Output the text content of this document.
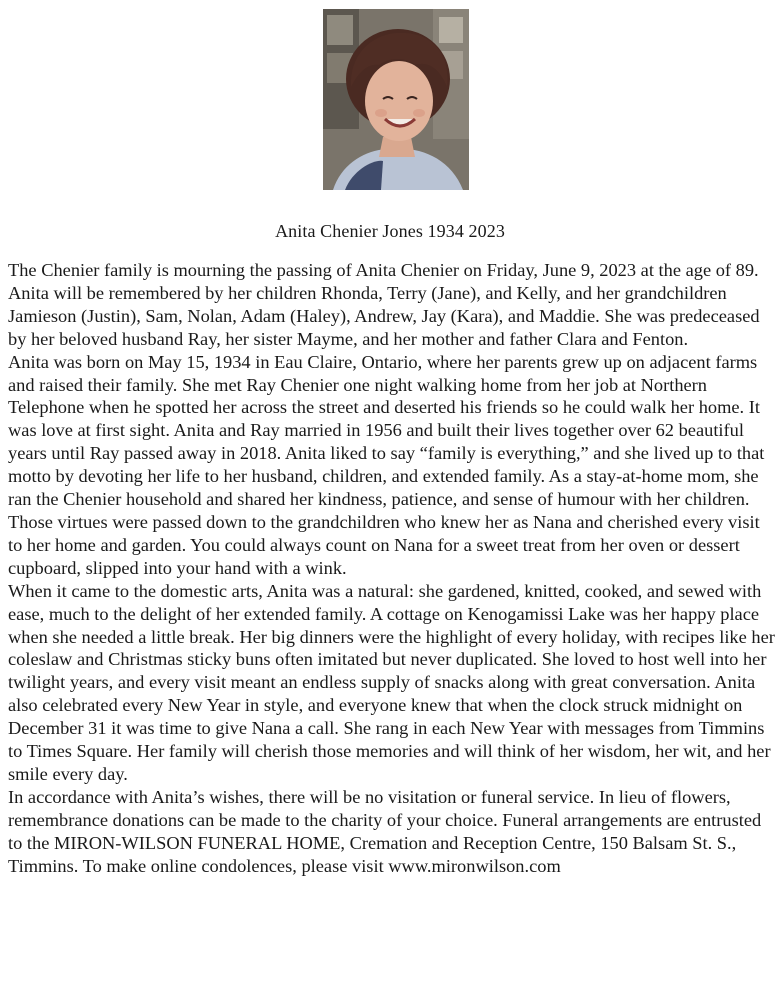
Anita Chenier Jones 1934 2023

The Chenier family is mourning the passing of Anita Chenier on Friday, June 9, 2023 at the age of 89. Anita will be remembered by her children Rhonda, Terry (Jane), and Kelly, and her grandchildren Jamieson (Justin), Sam, Nolan, Adam (Haley), Andrew, Jay (Kara), and Maddie. She was predeceased by her beloved husband Ray, her sister Mayme, and her mother and father Clara and Fenton.

Anita was born on May 15, 1934 in Eau Claire, Ontario, where her parents grew up on adjacent farms and raised their family. She met Ray Chenier one night walking home from her job at Northern Telephone when he spotted her across the street and deserted his friends so he could walk her home. It was love at first sight. Anita and Ray married in 1956 and built their lives together over 62 beautiful years until Ray passed away in 2018. Anita liked to say “family is everything,” and she lived up to that motto by devoting her life to her husband, children, and extended family. As a stay-at-home mom, she ran the Chenier household and shared her kindness, patience, and sense of humour with her children. Those virtues were passed down to the grandchildren who knew her as Nana and cherished every visit to her home and garden. You could always count on Nana for a sweet treat from her oven or dessert cupboard, slipped into your hand with a wink.

When it came to the domestic arts, Anita was a natural: she gardened, knitted, cooked, and sewed with ease, much to the delight of her extended family. A cottage on Kenogamissi Lake was her happy place when she needed a little break. Her big dinners were the highlight of every holiday, with recipes like her coleslaw and Christmas sticky buns often imitated but never duplicated. She loved to host well into her twilight years, and every visit meant an endless supply of snacks along with great conversation. Anita also celebrated every New Year in style, and everyone knew that when the clock struck midnight on December 31 it was time to give Nana a call. She rang in each New Year with messages from Timmins to Times Square. Her family will cherish those memories and will think of her wisdom, her wit, and her smile every day.

In accordance with Anita’s wishes, there will be no visitation or funeral service. In lieu of flowers, remembrance donations can be made to the charity of your choice. Funeral arrangements are entrusted to the MIRON-WILSON FUNERAL HOME, Cremation and Reception Centre, 150 Balsam St. S., Timmins. To make online condolences, please visit www.mironwilson.com
